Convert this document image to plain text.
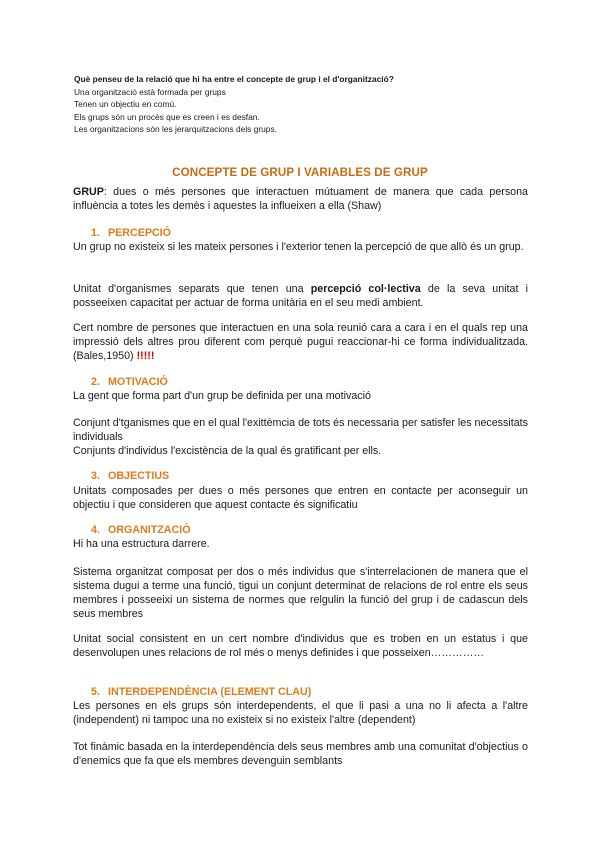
Què penseu de la relació que hi ha entre el concepte de grup i el d'organització?
Una organització està formada per grups
Tenen un objectiu en comú.
Els grups són un procès que es creen i es desfan.
Les organitzacions són les jerarquitzacions dels grups.
CONCEPTE DE GRUP I VARIABLES DE GRUP

GRUP: dues o més persones que interactuen mútuament de manera que cada persona influència a totes les demès i aquestes la influeixen a ella (Shaw)

1. PERCEPCIÓ

Un grup no existeix si les mateix persones i l'exterior tenen la percepció de que allò és un grup.

Unitat d'organismes separats que tenen una percepció col·lectiva de la seva unitat i posseeixen capacitat per actuar de forma unitària en el seu medi ambient.

Cert nombre de persones que interactuen en una sola reunió cara a cara i en el quals rep una impressió dels altres prou diferent com perquè pugui reaccionar-hi ce forma individualitzada. (Bales,1950) !!!!!

2. MOTIVACIÓ

La gent que forma part d'un grup be definida per una motivació

Conjunt d'tganismes que en el qual l'exittèmcia de tots és necessaria per satisfer les necessitats individuals

Conjunts d'individus l'excistència de la qual és gratificant per ells.

3. OBJECTIUS

Unitats composades per dues o més persones que entren en contacte per aconseguir un objectiu i que consideren que aquest contacte és significatiu

4. ORGANITZACIÓ

Hi ha una estructura darrere.

Sistema organitzat composat per dos o més individus que s'interrelacionen de manera que el sistema dugui a terme una funció, tigui un conjunt determinat de relacions de rol entre els seus membres i posseeixi un sistema de normes que relgulin la funció del grup i de cadascun dels seus membres

Unitat social consistent en un cert nombre d'individus que es troben en un estatus i que desenvolupen unes relacions de rol més o menys definides i que posseixen……………

5. INTERDEPENDÈNCIA (ELEMENT CLAU)

Les persones en els grups són interdependents, el que li pasi a una no li afecta a l'altre (independent) ni tampoc una no existeix si no existeix l'altre (dependent)

Tot finàmic basada en la interdependència dels seus membres amb una comunitat d'objectius o d'enemics que fa que els membres devenguin semblants
